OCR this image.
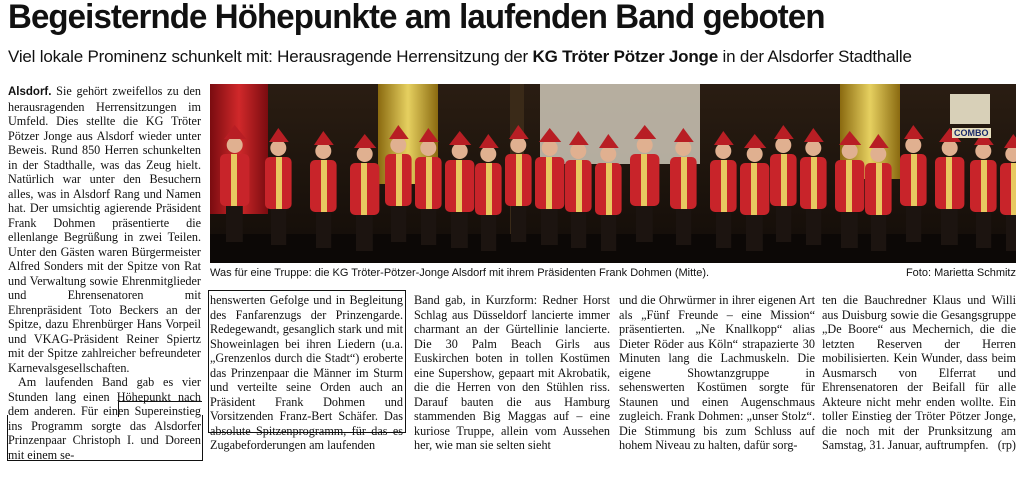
Begeisternde Höhepunkte am laufenden Band geboten
Viel lokale Prominenz schunkelt mit: Herausragende Herrensitzung der KG Tröter Pötzer Jonge in der Alsdorfer Stadthalle

Alsdorf. Sie gehört zweifellos zu den herausragenden Herrensitzungen im Umfeld. Dies stellte die KG Tröter Pötzer Jonge aus Alsdorf wieder unter Beweis. Rund 850 Herren schunkelten in der Stadthalle, was das Zeug hielt. Natürlich war unter den Besuchern alles, was in Alsdorf Rang und Namen hat. Der umsichtig agierende Präsident Frank Dohmen präsentierte die ellenlange Begrüßung in zwei Teilen. Unter den Gästen waren Bürgermeister Alfred Sonders mit der Spitze von Rat und Verwaltung sowie Ehrenmitglieder und Ehrensenatoren mit Ehrenpräsident Toto Beckers an der Spitze, dazu Ehrenbürger Hans Vorpeil und VKAG-Präsident Reiner Spiertz mit der Spitze zahlreicher befreundeter Karnevalsgesellschaften.

Am laufenden Band gab es vier Stunden lang einen Höhepunkt nach dem anderen. Für einen Supereinstieg ins Programm sorgte das Alsdorfer Prinzenpaar Christoph I. und Doreen mit einem se-

COMBO
Was für eine Truppe: die KG Tröter-Pötzer-Jonge Alsdorf mit ihrem Präsidenten Frank Dohmen (Mitte).	Foto: Marietta Schmitz

henswerten Gefolge und in Begleitung des Fanfarenzugs der Prinzengarde. Redegewandt, gesanglich stark und mit Showeinlagen bei ihren Liedern (u.a. „Grenzenlos durch die Stadt“) eroberte das Prinzenpaar die Männer im Sturm und verteilte seine Orden auch an Präsident Frank Dohmen und Vorsitzenden Franz-Bert Schäfer. Das absolute Spitzenprogramm, für das es Zugabeforderungen am laufenden

Band gab, in Kurzform: Redner Horst Schlag aus Düsseldorf lancierte immer charmant an der Gürtellinie lancierte. Die 30 Palm Beach Girls aus Euskirchen boten in tollen Kostümen eine Supershow, gepaart mit Akrobatik, die die Herren von den Stühlen riss. Darauf bauten die aus Hamburg stammenden Big Maggas auf – eine kuriose Truppe, allein vom Aussehen her, wie man sie selten sieht

und die Ohrwürmer in ihrer eigenen Art als „Fünf Freunde – eine Mission“ präsentierten. „Ne Knallkopp“ alias Dieter Röder aus Köln“ strapazierte 30 Minuten lang die Lachmuskeln. Die eigene Showtanzgruppe in sehenswerten Kostümen sorgte für Staunen und einen Augenschmaus zugleich. Frank Dohmen: „unser Stolz“. Die Stimmung bis zum Schluss auf hohem Niveau zu halten, dafür sorg-

ten die Bauchredner Klaus und Willi aus Duisburg sowie die Gesangsgruppe „De Boore“ aus Mechernich, die die letzten Reserven der Herren mobilisierten. Kein Wunder, dass beim Ausmarsch von Elferrat und Ehrensenatoren der Beifall für alle Akteure nicht mehr enden wollte. Ein toller Einstieg der Tröter Pötzer Jonge, die noch mit der Prunksitzung am Samstag, 31. Januar, auftrumpfen. (rp)
